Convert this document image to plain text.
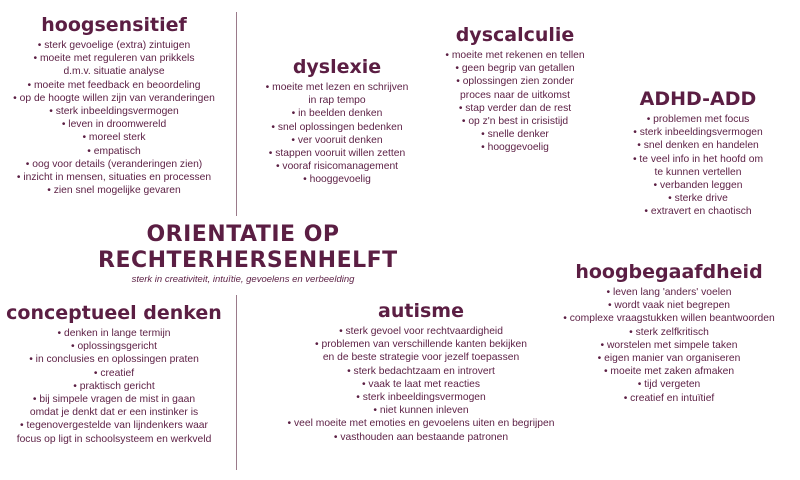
hoogsensitief
• sterk gevoelige (extra) zintuigen
• moeite met reguleren van prikkels
d.m.v. situatie analyse
• moeite met feedback en beoordeling
• op de hoogte willen zijn van veranderingen
• sterk inbeeldingsvermogen
• leven in droomwereld
• moreel sterk
• empatisch
• oog voor details (veranderingen zien)
• inzicht in mensen, situaties en processen
• zien snel mogelijke gevaren
dyslexie
• moeite met lezen en schrijven
in rap tempo
• in beelden denken
• snel oplossingen bedenken
• ver vooruit denken
• stappen vooruit willen zetten
• vooraf risicomanagement
• hooggevoelig
dyscalculie
• moeite met rekenen en tellen
• geen begrip van getallen
• oplossingen zien zonder
proces naar de uitkomst
• stap verder dan de rest
• op z'n best in crisistijd
• snelle denker
• hooggevoelig
ADHD-ADD
• problemen met focus
• sterk inbeeldingsvermogen
• snel denken en handelen
• te veel info in het hoofd om
te kunnen vertellen
• verbanden leggen
• sterke drive
• extravert en chaotisch
ORIENTATIE OP
RECHTERHERSENHELFT
sterk in creativiteit, intuïtie, gevoelens en verbeelding	hoogbegaafdheid
• leven lang 'anders' voelen
• wordt vaak niet begrepen
• complexe vraagstukken willen beantwoorden
• sterk zelfkritisch
• worstelen met simpele taken
• eigen manier van organiseren
• moeite met zaken afmaken
• tijd vergeten
• creatief en intuïtief
conceptueel denken
• denken in lange termijn
• oplossingsgericht
• in conclusies en oplossingen praten
• creatief
• praktisch gericht
• bij simpele vragen de mist in gaan
omdat je denkt dat er een instinker is
• tegenovergestelde van lijndenkers waar
focus op ligt in schoolsysteem en werkveld
autisme
• sterk gevoel voor rechtvaardigheid
• problemen van verschillende kanten bekijken
en de beste strategie voor jezelf toepassen
• sterk bedachtzaam en introvert
• vaak te laat met reacties
• sterk inbeeldingsvermogen
• niet kunnen inleven
• veel moeite met emoties en gevoelens uiten en begrijpen
• vasthouden aan bestaande patronen
